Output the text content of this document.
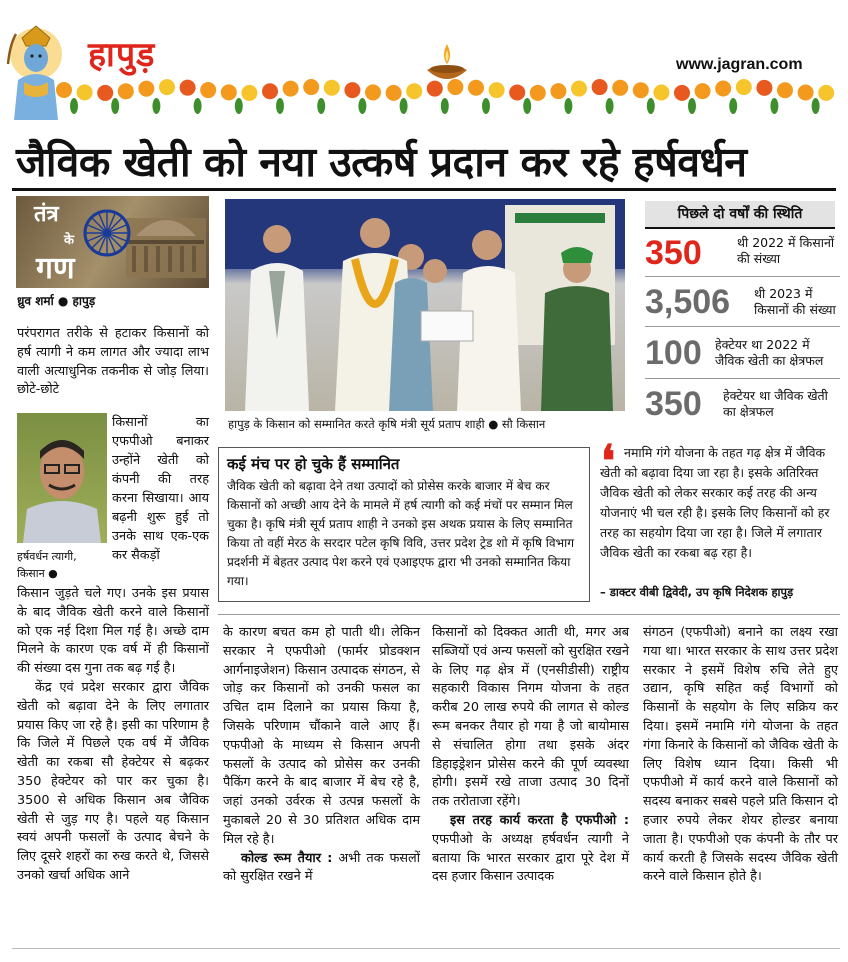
हापुड़	www.jagran.com
जैविक खेती को नया उत्कर्ष प्रदान कर रहे हर्षवर्धन
तंत्र
के
गण
ध्रुव शर्मा ● हापुड़
हापुड़ के किसान को सम्मानित करते कृषि मंत्री सूर्य प्रताप शाही ● सौ किसान
पिछले दो वर्षों की स्थिति
350	थी 2022 में किसानों की संख्या
3,506 थी 2023 में किसानों की संख्या
100 हेक्टेयर था 2022 में जैविक खेती का क्षेत्रफल
350 हेक्टेयर था जैविक खेती का क्षेत्रफल
परंपरागत तरीके से हटाकर किसानों को हर्ष त्यागी ने कम लागत और ज्यादा लाभ वाली अत्याधुनिक तकनीक से जोड़ लिया। छोटे-छोटे
हर्षवर्धन त्यागी, किसान ●
किसानों का एफपीओ बनाकर उन्होंने खेती को कंपनी की तरह करना सिखाया। आय बढ़नी शुरू हुई तो उनके साथ एक-एक कर सैकड़ों

किसान जुड़ते चले गए। उनके इस प्रयास के बाद जैविक खेती करने वाले किसानों को एक नई दिशा मिल गई है। अच्छे दाम मिलने के कारण एक वर्ष में ही किसानों की संख्या दस गुना तक बढ़ गई है।

केंद्र एवं प्रदेश सरकार द्वारा जैविक खेती को बढ़ावा देने के लिए लगातार प्रयास किए जा रहे है। इसी का परिणाम है कि जिले में पिछले एक वर्ष में जैविक खेती का रकबा सौ हेक्टेयर से बढ़कर 350 हेक्टेयर को पार कर चुका है। 3500 से अधिक किसान अब जैविक खेती से जुड़ गए है। पहले यह किसान स्वयं अपनी फसलों के उत्पाद बेचने के लिए दूसरे शहरों का रुख करते थे, जिससे उनको खर्चा अधिक आने

कई मंच पर हो चुके हैं सम्मानित
जैविक खेती को बढ़ावा देने तथा उत्पादों को प्रोसेस करके बाजार में बेच कर किसानों को अच्छी आय देने के मामले में हर्ष त्यागी को कई मंचों पर सम्मान मिल चुका है। कृषि मंत्री सूर्य प्रताप शाही ने उनको इस अथक प्रयास के लिए सम्मानित किया तो वहीं मेरठ के सरदार पटेल कृषि विवि, उत्तर प्रदेश ट्रेड शो में कृषि विभाग प्रदर्शनी में बेहतर उत्पाद पेश करने एवं एआइएफ द्वारा भी उनको सम्मानित किया गया।
❛ नमामि गंगे योजना के तहत गढ़ क्षेत्र में जैविक खेती को बढ़ावा दिया जा रहा है। इसके अतिरिक्त जैविक खेती को लेकर सरकार कई तरह की अन्य योजनाएं भी चल रही है। इसके लिए किसानों को हर तरह का सहयोग दिया जा रहा है। जिले में लगातार जैविक खेती का रकबा बढ़ रहा है।
– डाक्टर वीबी द्विवेदी, उप कृषि निदेशक हापुड़

के कारण बचत कम हो पाती थी। लेकिन सरकार ने एफपीओ (फार्मर प्रोडक्शन आर्गनाइजेशन) किसान उत्पादक संगठन, से जोड़ कर किसानों को उनकी फसल का उचित दाम दिलाने का प्रयास किया है, जिसके परिणाम चौंकाने वाले आए हैं। एफपीओ के माध्यम से किसान अपनी फसलों के उत्पाद को प्रोसेस कर उनकी पैकिंग करने के बाद बाजार में बेच रहे है, जहां उनको उर्वरक से उत्पन्न फसलों के मुकाबले 20 से 30 प्रतिशत अधिक दाम मिल रहे है।

कोल्ड रूम तैयार : अभी तक फसलों को सुरक्षित रखने में

किसानों को दिक्कत आती थी, मगर अब सब्जियों एवं अन्य फसलों को सुरक्षित रखने के लिए गढ़ क्षेत्र में (एनसीडीसी) राष्ट्रीय सहकारी विकास निगम योजना के तहत करीब 20 लाख रुपये की लागत से कोल्ड रूम बनकर तैयार हो गया है जो बायोमास से संचालित होगा तथा इसके अंदर डिहाइड्रेशन प्रोसेस करने की पूर्ण व्यवस्था होगी। इसमें रखे ताजा उत्पाद 30 दिनों तक तरोताजा रहेंगे।

इस तरह कार्य करता है एफपीओ : एफपीओ के अध्यक्ष हर्षवर्धन त्यागी ने बताया कि भारत सरकार द्वारा पूरे देश में दस हजार किसान उत्पादक

संगठन (एफपीओ) बनाने का लक्ष्य रखा गया था। भारत सरकार के साथ उत्तर प्रदेश सरकार ने इसमें विशेष रुचि लेते हुए उद्यान, कृषि सहित कई विभागों को किसानों के सहयोग के लिए सक्रिय कर दिया। इसमें नमामि गंगे योजना के तहत गंगा किनारे के किसानों को जैविक खेती के लिए विशेष ध्यान दिया। किसी भी एफपीओ में कार्य करने वाले किसानों को सदस्य बनाकर सबसे पहले प्रति किसान दो हजार रुपये लेकर शेयर होल्डर बनाया जाता है। एफपीओ एक कंपनी के तौर पर कार्य करती है जिसके सदस्य जैविक खेती करने वाले किसान होते है।
